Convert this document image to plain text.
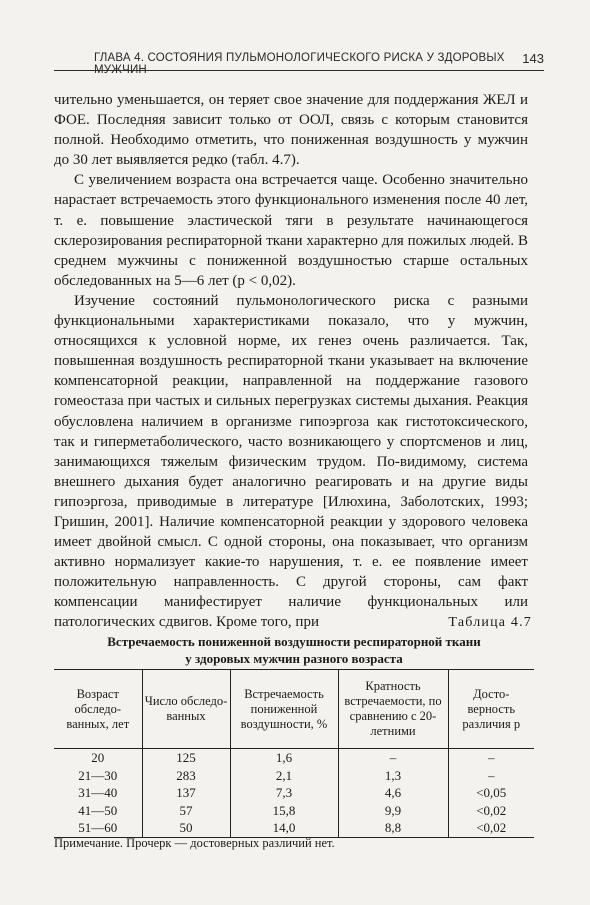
ГЛАВА 4. СОСТОЯНИЯ ПУЛЬМОНОЛОГИЧЕСКОГО РИСКА У ЗДОРОВЫХ МУЖЧИН
143

чительно уменьшается, он теряет свое значение для поддержания ЖЕЛ и ФОЕ. Последняя зависит только от ООЛ, связь с которым становится полной. Необходимо отметить, что пониженная воздушность у мужчин до 30 лет выявляется редко (табл. 4.7).

С увеличением возраста она встречается чаще. Особенно значительно нарастает встречаемость этого функционального изменения после 40 лет, т. е. повышение эластической тяги в результате начинающегося склерозирования респираторной ткани характерно для пожилых людей. В среднем мужчины с пониженной воздушностью старше остальных обследованных на 5—6 лет (p < 0,02).

Изучение состояний пульмонологического риска с разными функциональными характеристиками показало, что у мужчин, относящихся к условной норме, их генез очень различается. Так, повышенная воздушность респираторной ткани указывает на включение компенсаторной реакции, направленной на поддержание газового гомеостаза при частых и сильных перегрузках системы дыхания. Реакция обусловлена наличием в организме гипоэргоза как гистотоксического, так и гиперметаболического, часто возникающего у спортсменов и лиц, занимающихся тяжелым физическим трудом. По-видимому, система внешнего дыхания будет аналогично реагировать и на другие виды гипоэргоза, приводимые в литературе [Илюхина, Заболотских, 1993; Гришин, 2001]. Наличие компенсаторной реакции у здорового человека имеет двойной смысл. С одной стороны, она показывает, что организм активно нормализует какие-то нарушения, т. е. ее появление имеет положительную направленность. С другой стороны, сам факт компенсации манифестирует наличие функциональных или патологических сдвигов. Кроме того, при	Таблица 4.7
Встречаемость пониженной воздушности респираторной ткани
у здоровых мужчин разного возраста
Возраст обследо-ванных, лет	Число обследо-ванных	Встречаемость пониженной воздушности, %	Кратность встречаемости, по сравнению с 20-летними	Досто-верность различия p
20	125	1,6	–	–
21—30	283	2,1	1,3	–
31—40	137	7,3	4,6	<0,05
41—50	57	15,8	9,9	<0,02
51—60	50	14,0	8,8	<0,02
Примечание. Прочерк — достоверных различий нет.
